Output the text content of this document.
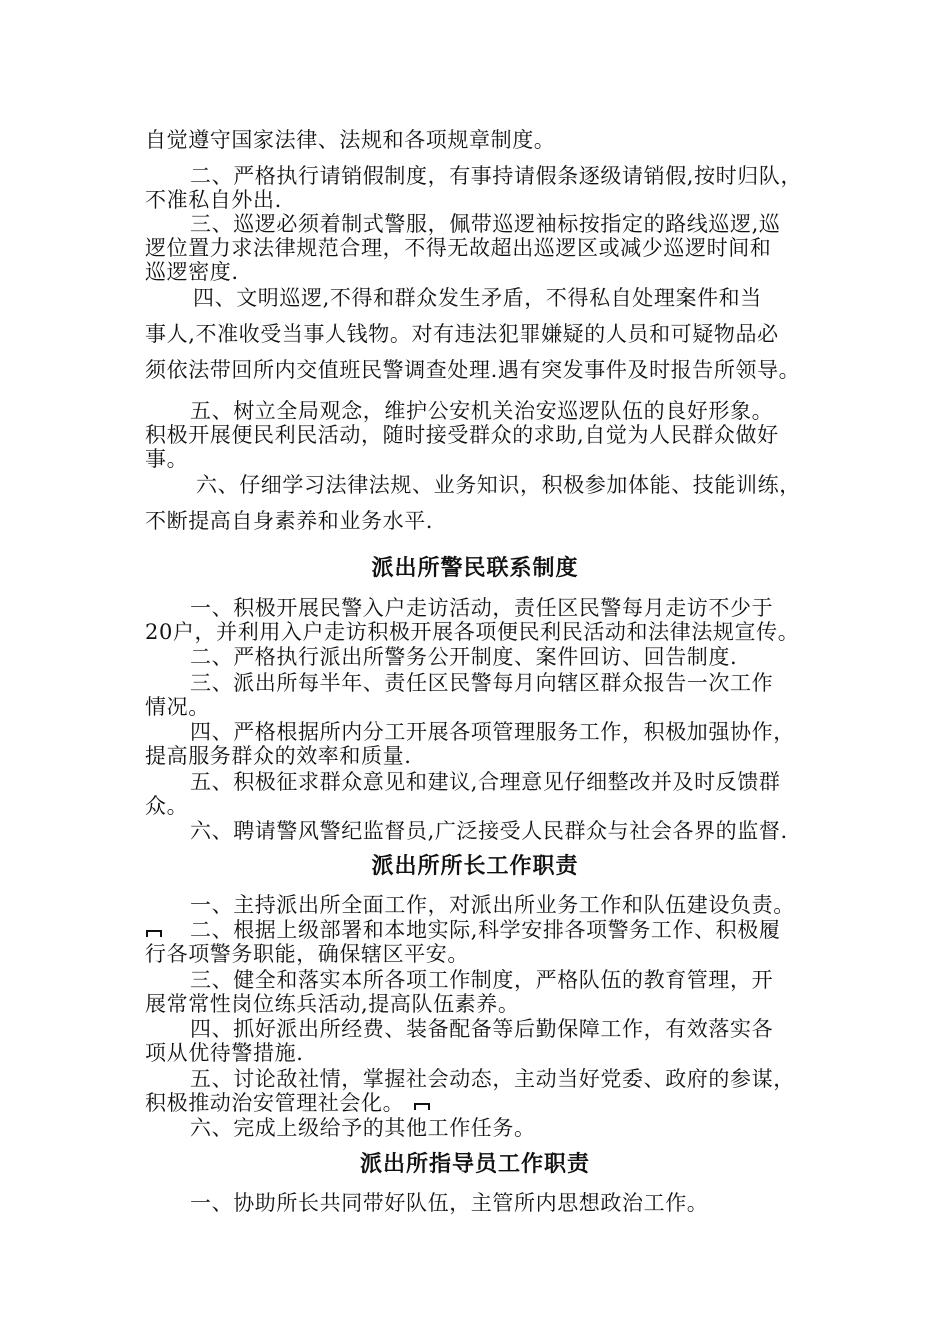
自觉遵守国家法律、法规和各项规章制度。
二、严格执行请销假制度，有事持请假条逐级请销假,按时归队，
不准私自外出.
三、巡逻必须着制式警服，佩带巡逻袖标按指定的路线巡逻,巡
逻位置力求法律规范合理，不得无故超出巡逻区或减少巡逻时间和
巡逻密度.
四、文明巡逻,不得和群众发生矛盾，不得私自处理案件和当
事人,不准收受当事人钱物。对有违法犯罪嫌疑的人员和可疑物品必
须依法带回所内交值班民警调查处理.遇有突发事件及时报告所领导。
五、树立全局观念，维护公安机关治安巡逻队伍的良好形象。
积极开展便民利民活动，随时接受群众的求助,自觉为人民群众做好
事。
六、仔细学习法律法规、业务知识，积极参加体能、技能训练，
不断提高自身素养和业务水平.
派出所警民联系制度
一、积极开展民警入户走访活动，责任区民警每月走访不少于
20户，并利用入户走访积极开展各项便民利民活动和法律法规宣传。
二、严格执行派出所警务公开制度、案件回访、回告制度.
三、派出所每半年、责任区民警每月向辖区群众报告一次工作
情况。
四、严格根据所内分工开展各项管理服务工作，积极加强协作，
提高服务群众的效率和质量.
五、积极征求群众意见和建议,合理意见仔细整改并及时反馈群
众。
六、聘请警风警纪监督员,广泛接受人民群众与社会各界的监督.
派出所所长工作职责
一、主持派出所全面工作，对派出所业务工作和队伍建设负责。
二、根据上级部署和本地实际,科学安排各项警务工作、积极履
行各项警务职能，确保辖区平安。
三、健全和落实本所各项工作制度，严格队伍的教育管理，开
展常常性岗位练兵活动,提高队伍素养。
四、抓好派出所经费、装备配备等后勤保障工作，有效落实各
项从优待警措施.
五、讨论敌社情，掌握社会动态，主动当好党委、政府的参谋，
积极推动治安管理社会化。
六、完成上级给予的其他工作任务。
派出所指导员工作职责
一、协助所长共同带好队伍，主管所内思想政治工作。
